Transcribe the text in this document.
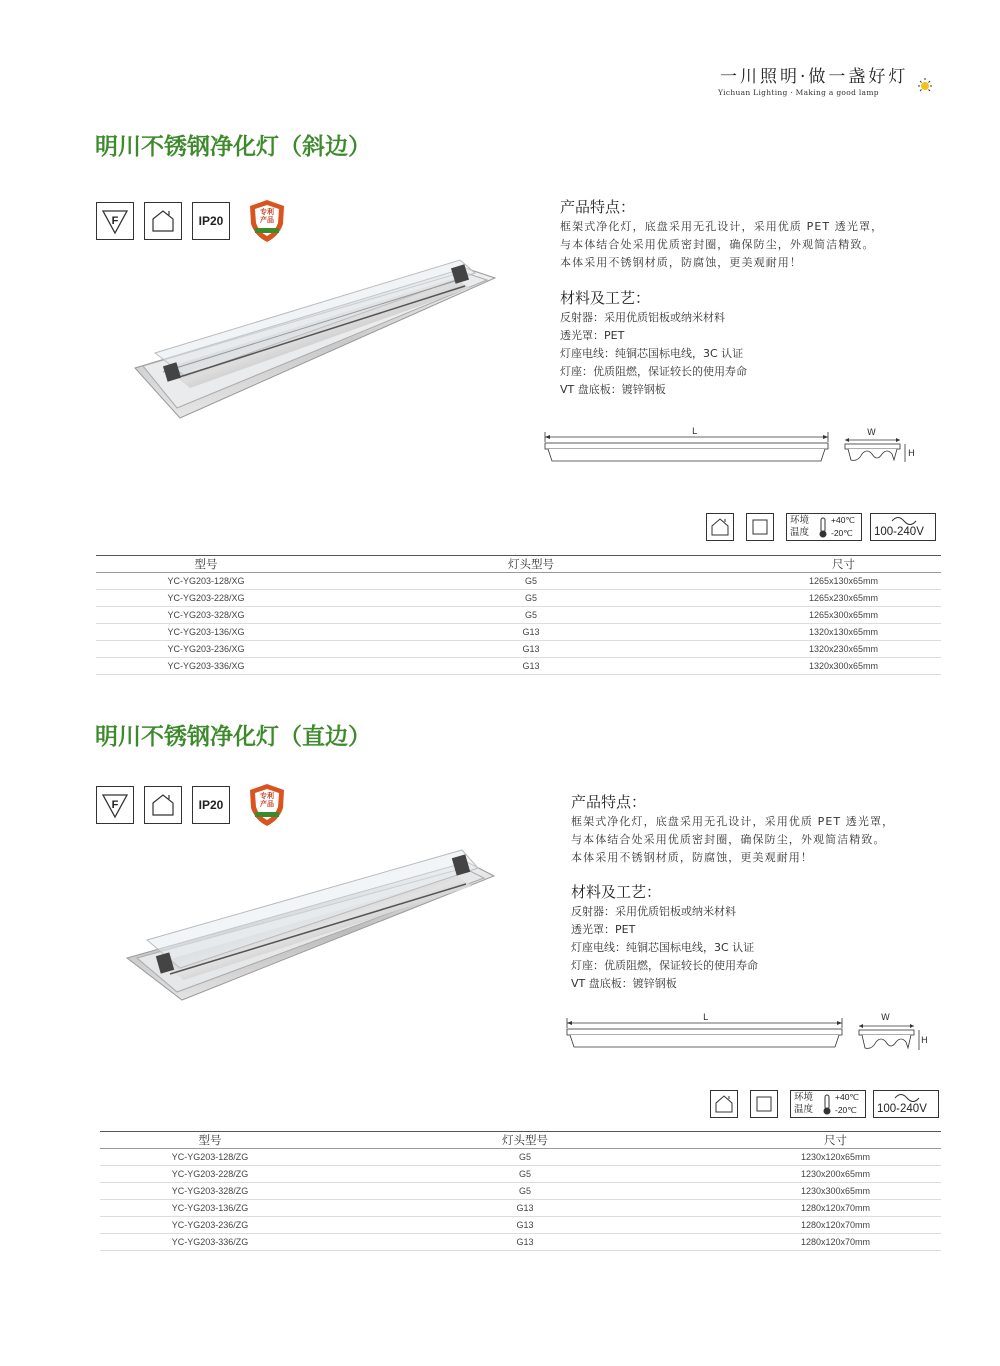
一川照明·做一盏好灯
Yichuan Lighting · Making a good lamp
明川不锈钢净化灯（斜边）
F	IP20
专利
产品
产品特点：
框架式净化灯，底盘采用无孔设计，采用优质 PET 透光罩，
与本体结合处采用优质密封圈，确保防尘，外观简洁精致。
本体采用不锈钢材质，防腐蚀，更美观耐用！
材料及工艺：
反射器：采用优质铝板或纳米材料
透光罩：PET
灯座电线：纯铜芯国标电线，3C 认证
灯座：优质阻燃，保证较长的使用寿命
VT 盘底板：镀锌钢板
L	W
H
环境
温度
+40℃
-20℃ 100-240V
型号	灯头型号	尺寸
YC-YG203-128/XG	G5	1265x130x65mm
YC-YG203-228/XG	G5	1265x230x65mm
YC-YG203-328/XG	G5	1265x300x65mm
YC-YG203-136/XG	G13	1320x130x65mm
YC-YG203-236/XG	G13	1320x230x65mm
YC-YG203-336/XG	G13	1320x300x65mm
明川不锈钢净化灯（直边）
F	IP20
专利
产品	产品特点：
框架式净化灯，底盘采用无孔设计，采用优质 PET 透光罩，
与本体结合处采用优质密封圈，确保防尘，外观简洁精致。
本体采用不锈钢材质，防腐蚀，更美观耐用！
材料及工艺：
反射器：采用优质铝板或纳米材料
透光罩：PET
灯座电线：纯铜芯国标电线，3C 认证
灯座：优质阻燃，保证较长的使用寿命
VT 盘底板：镀锌钢板
L	W
H
环境
温度
+40℃
-20℃ 100-240V
型号	灯头型号	尺寸
YC-YG203-128/ZG	G5	1230x120x65mm
YC-YG203-228/ZG	G5	1230x200x65mm
YC-YG203-328/ZG	G5	1230x300x65mm
YC-YG203-136/ZG	G13	1280x120x70mm
YC-YG203-236/ZG	G13	1280x120x70mm
YC-YG203-336/ZG	G13	1280x120x70mm
